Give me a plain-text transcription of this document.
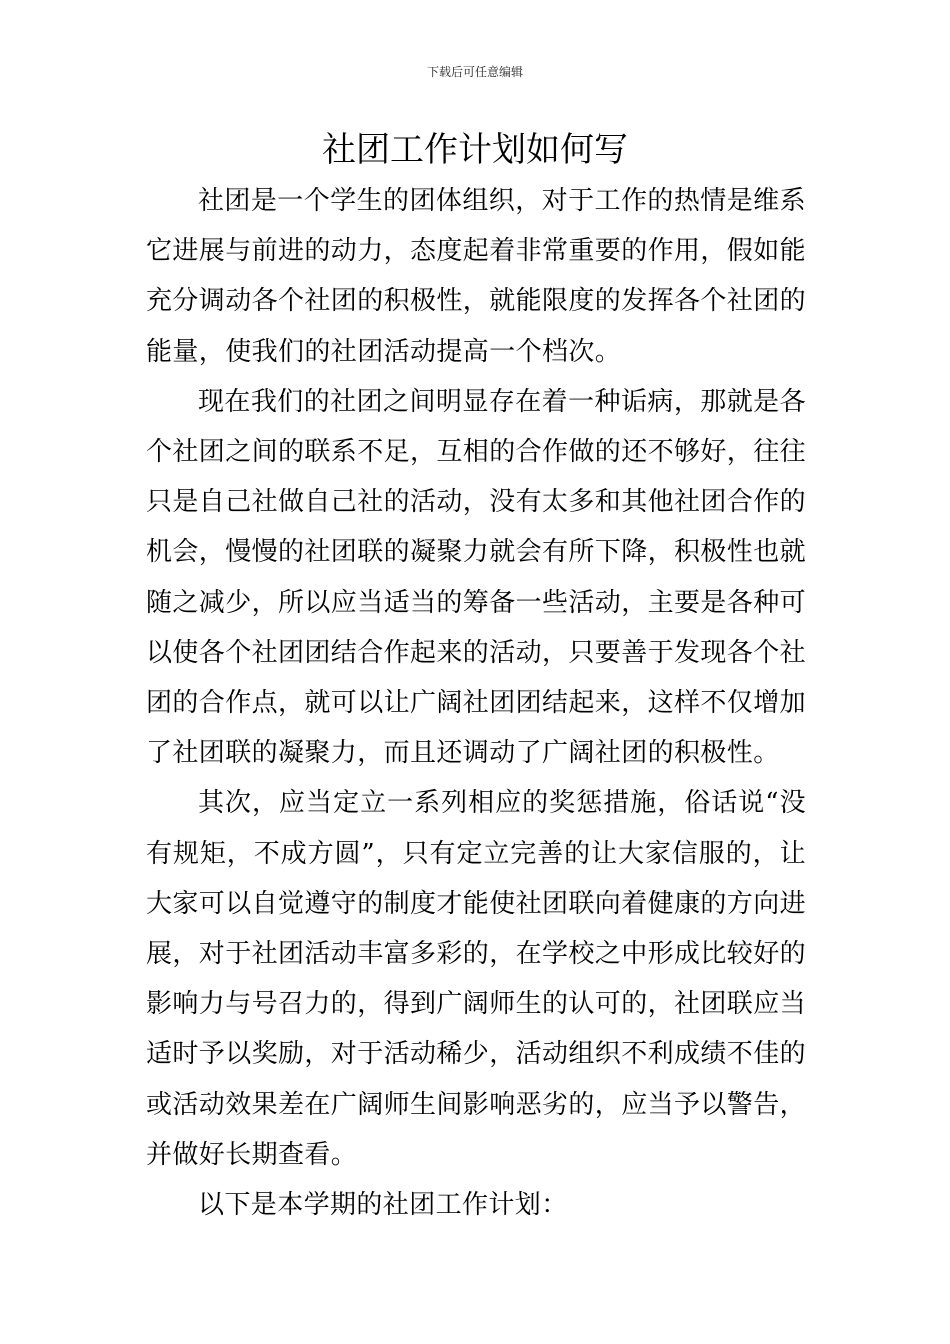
下载后可任意编辑
社团工作计划如何写

社团是一个学生的团体组织，对于工作的热情是维系它进展与前进的动力，态度起着非常重要的作用，假如能充分调动各个社团的积极性，就能限度的发挥各个社团的能量，使我们的社团活动提高一个档次。

现在我们的社团之间明显存在着一种诟病，那就是各个社团之间的联系不足，互相的合作做的还不够好，往往只是自己社做自己社的活动，没有太多和其他社团合作的机会，慢慢的社团联的凝聚力就会有所下降，积极性也就随之减少，所以应当适当的筹备一些活动，主要是各种可以使各个社团团结合作起来的活动，只要善于发现各个社团的合作点，就可以让广阔社团团结起来，这样不仅增加了社团联的凝聚力，而且还调动了广阔社团的积极性。

其次，应当定立一系列相应的奖惩措施，俗话说“没有规矩，不成方圆”，只有定立完善的让大家信服的，让大家可以自觉遵守的制度才能使社团联向着健康的方向进展，对于社团活动丰富多彩的，在学校之中形成比较好的影响力与号召力的，得到广阔师生的认可的，社团联应当适时予以奖励，对于活动稀少，活动组织不利成绩不佳的或活动效果差在广阔师生间影响恶劣的，应当予以警告，并做好长期查看。

以下是本学期的社团工作计划：
